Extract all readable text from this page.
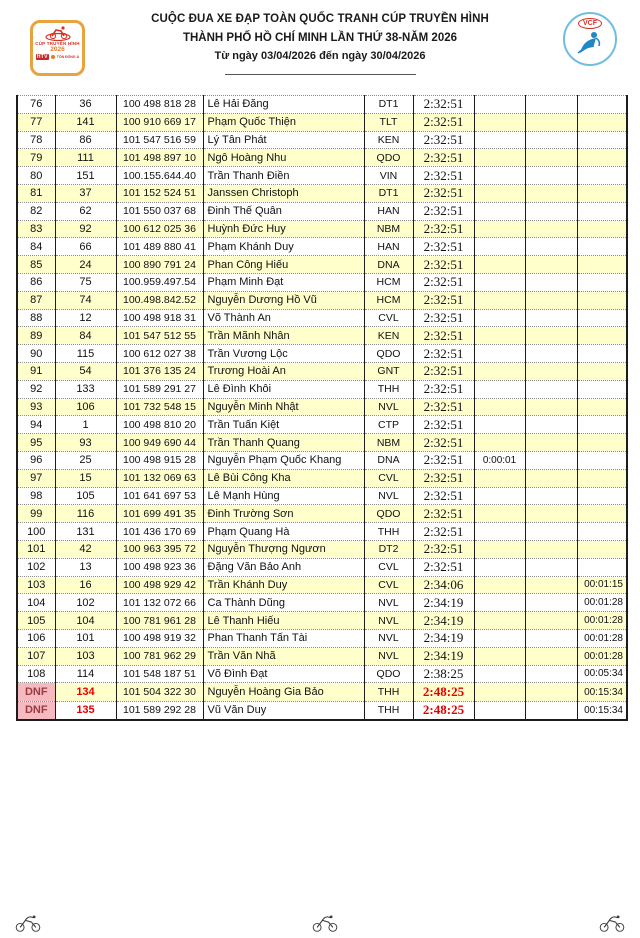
CÚP TRUYỀN HÌNH
2026
HTV	TÔN ĐÔNG Á
CUỘC ĐUA XE ĐẠP TOÀN QUỐC TRANH CÚP TRUYỀN HÌNH
THÀNH PHỐ HỒ CHÍ MINH LẦN THỨ 38-NĂM 2026
Từ ngày 03/04/2026 đến ngày 30/04/2026
VCF
76	36	100 498 818 28	Lê Hải Đăng	DT1	2:32:51			
77	141	100 910 669 17	Phạm Quốc Thiện	TLT	2:32:51			
78	86	101 547 516 59	Lý Tân Phát	KEN	2:32:51			
79	111	101 498 897 10	Ngô Hoàng Nhu	QDO	2:32:51			
80	151	100.155.644.40	Trần Thanh Điền	VIN	2:32:51			
81	37	101 152 524 51	Janssen Christoph	DT1	2:32:51			
82	62	101 550 037 68	Đinh Thế Quân	HAN	2:32:51			
83	92	100 612 025 36	Huỳnh Đức Huy	NBM	2:32:51			
84	66	101 489 880 41	Phạm Khánh Duy	HAN	2:32:51			
85	24	100 890 791 24	Phan Công Hiếu	DNA	2:32:51			
86	75	100.959.497.54	Phạm Minh Đạt	HCM	2:32:51			
87	74	100.498.842.52	Nguyễn Dương Hồ Vũ	HCM	2:32:51			
88	12	100 498 918 31	Võ Thành An	CVL	2:32:51			
89	84	101 547 512 55	Trần Mãnh Nhân	KEN	2:32:51			
90	115	100 612 027 38	Trần Vương Lộc	QDO	2:32:51			
91	54	101 376 135 24	Trương Hoài An	GNT	2:32:51			
92	133	101 589 291 27	Lê Đình Khôi	THH	2:32:51			
93	106	101 732 548 15	Nguyễn Minh Nhật	NVL	2:32:51			
94	1	100 498 810 20	Trần Tuấn Kiệt	CTP	2:32:51			
95	93	100 949 690 44	Trần Thanh Quang	NBM	2:32:51			
96	25	100 498 915 28	Nguyễn Phạm Quốc Khang	DNA	2:32:51	0:00:01		
97	15	101 132 069 63	Lê Bùi Công Kha	CVL	2:32:51			
98	105	101 641 697 53	Lê Mạnh Hùng	NVL	2:32:51			
99	116	101 699 491 35	Đinh Trường Sơn	QDO	2:32:51			
100	131	101 436 170 69	Phạm Quang Hà	THH	2:32:51			
101	42	100 963 395 72	Nguyễn Thượng Ngươn	DT2	2:32:51			
102	13	100 498 923 36	Đặng Văn Bảo Anh	CVL	2:32:51			
103	16	100 498 929 42	Trần Khánh Duy	CVL	2:34:06			00:01:15
104	102	101 132 072 66	Ca Thành Dũng	NVL	2:34:19			00:01:28
105	104	100 781 961 28	Lê Thanh Hiếu	NVL	2:34:19			00:01:28
106	101	100 498 919 32	Phan Thanh Tấn Tài	NVL	2:34:19			00:01:28
107	103	100 781 962 29	Trần Văn Nhã	NVL	2:34:19			00:01:28
108	114	101 548 187 51	Võ Đình Đạt	QDO	2:38:25			00:05:34
DNF	134	101 504 322 30	Nguyễn Hoàng Gia Bảo	THH	2:48:25			00:15:34
DNF	135	101 589 292 28	Vũ Văn Duy	THH	2:48:25			00:15:34
